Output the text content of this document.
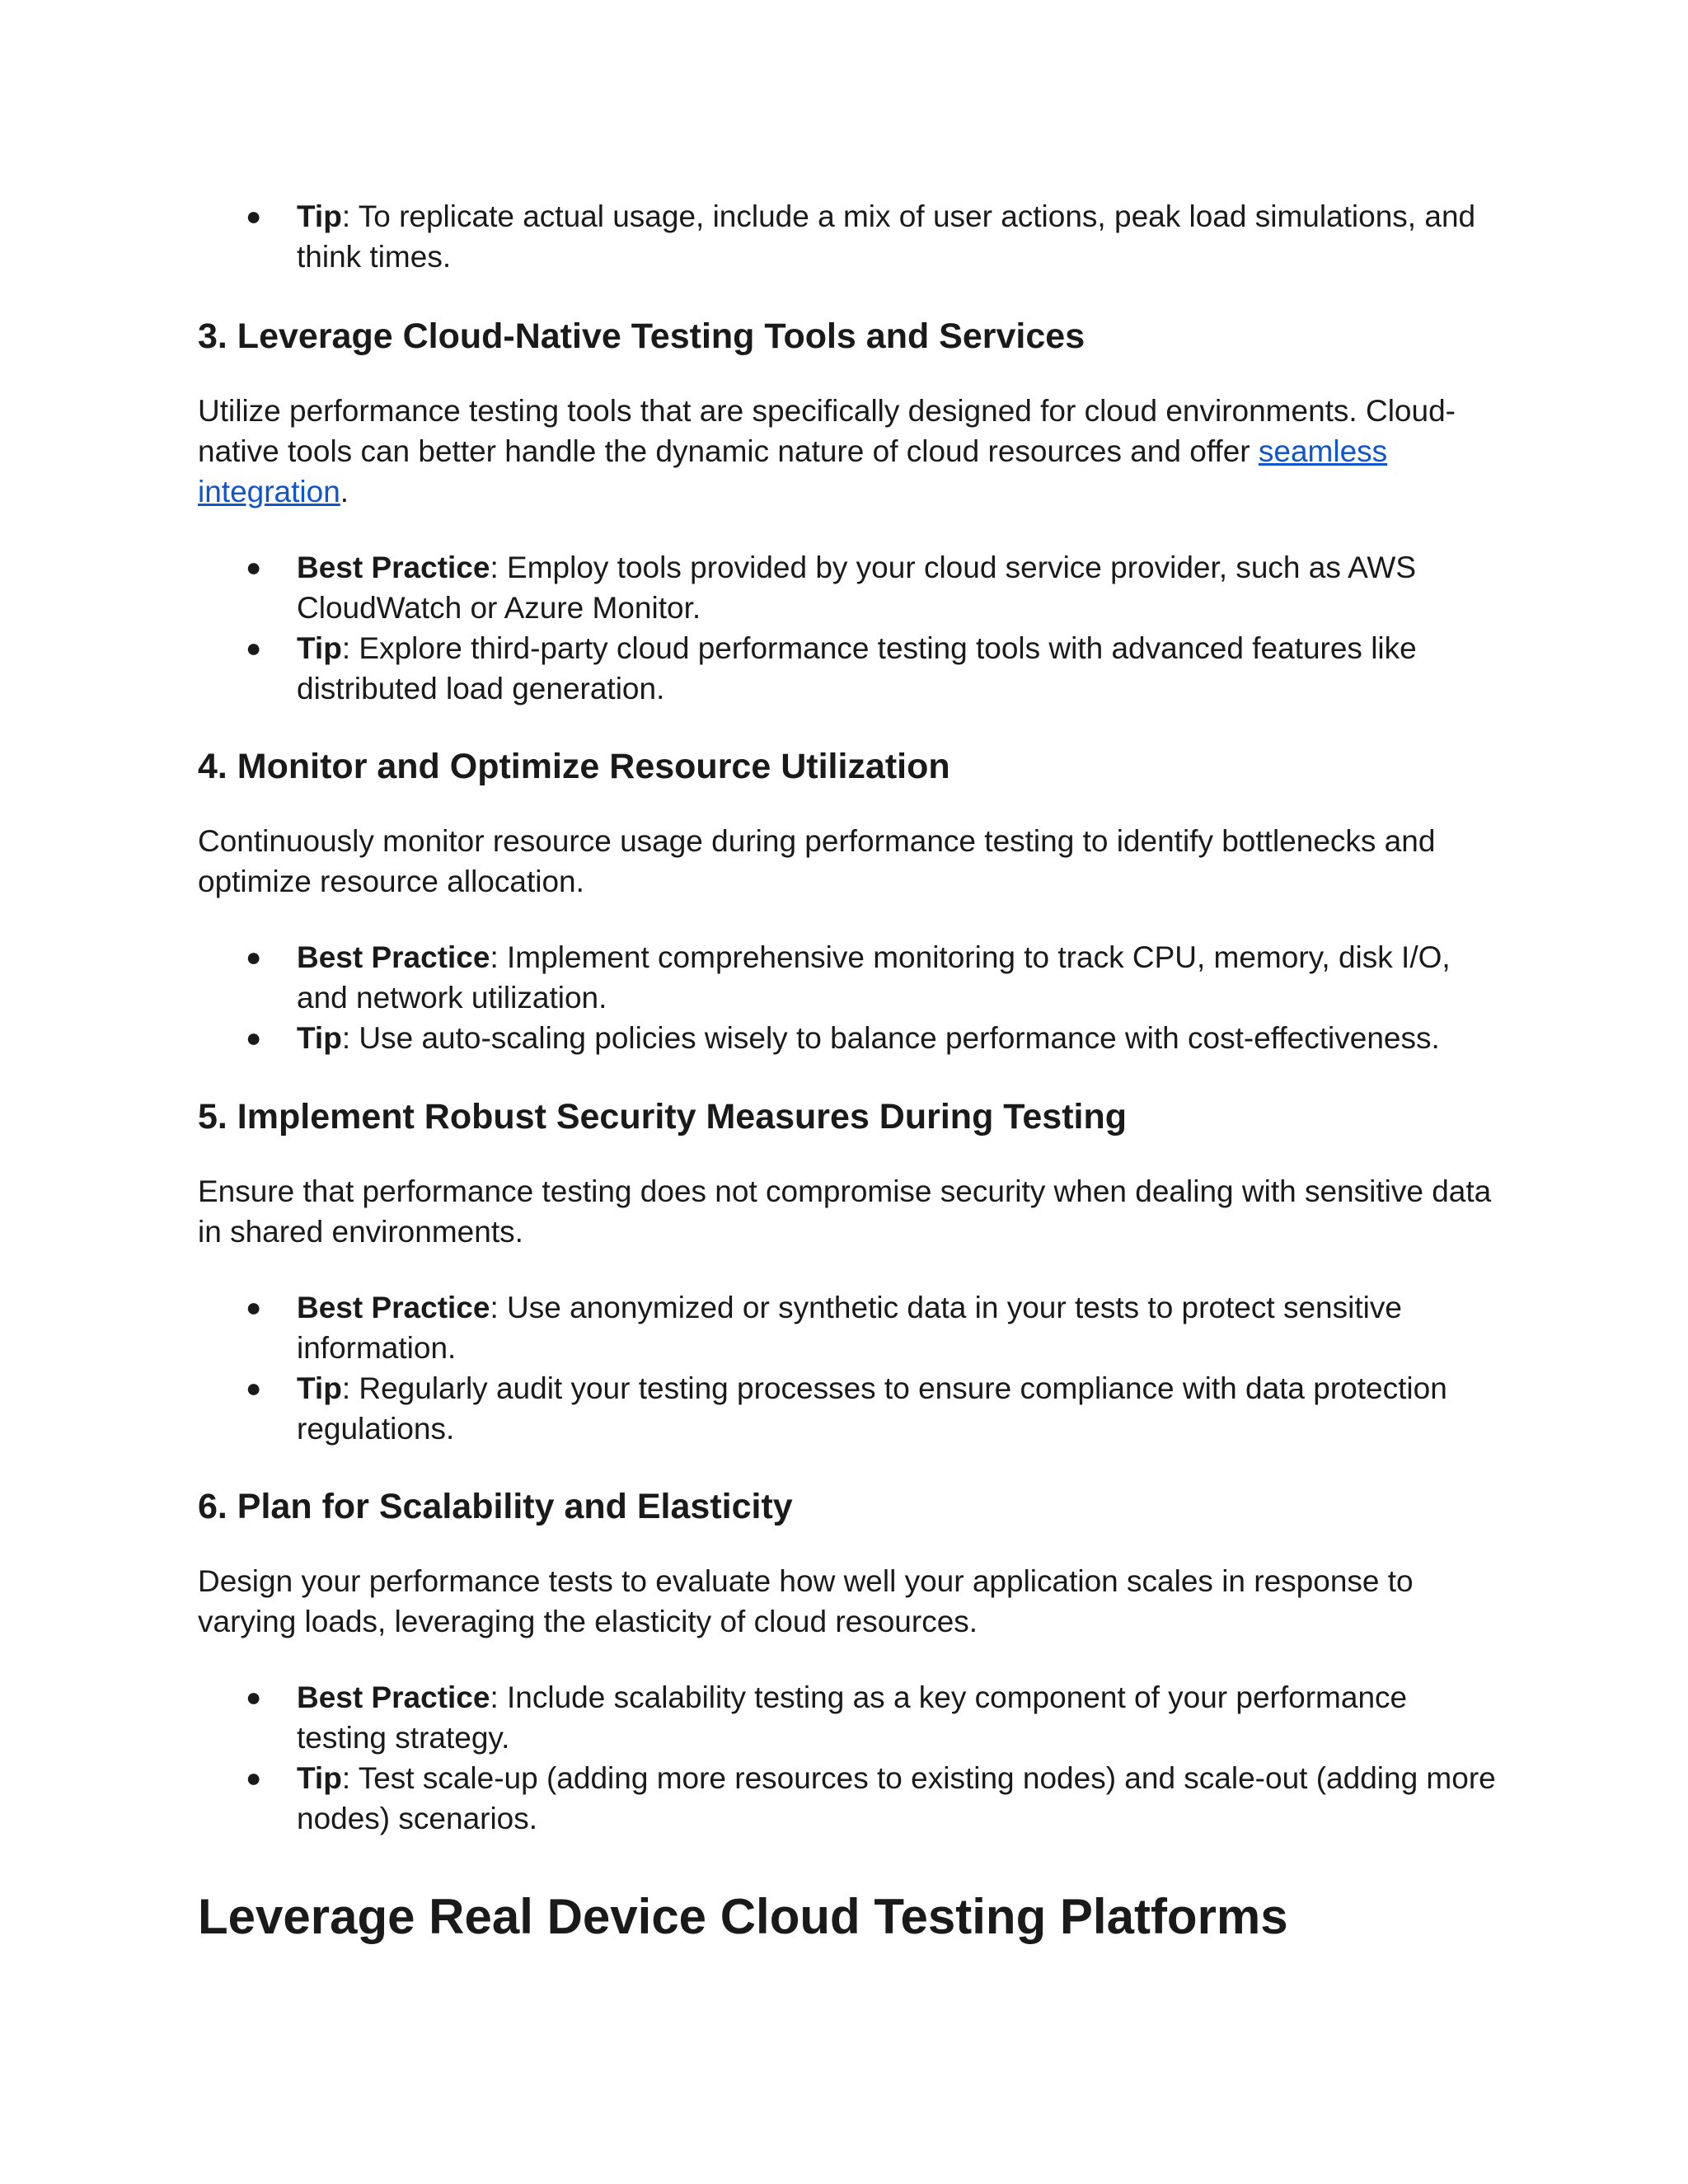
● Tip: To replicate actual usage, include a mix of user actions, peak load simulations, and think times.
3. Leverage Cloud-Native Testing Tools and Services

Utilize performance testing tools that are specifically designed for cloud environments. Cloud-native tools can better handle the dynamic nature of cloud resources and offer seamless integration.

● Best Practice: Employ tools provided by your cloud service provider, such as AWS CloudWatch or Azure Monitor.
● Tip: Explore third-party cloud performance testing tools with advanced features like distributed load generation.
4. Monitor and Optimize Resource Utilization

Continuously monitor resource usage during performance testing to identify bottlenecks and optimize resource allocation.

● Best Practice: Implement comprehensive monitoring to track CPU, memory, disk I/O, and network utilization.
● Tip: Use auto-scaling policies wisely to balance performance with cost-effectiveness.
5. Implement Robust Security Measures During Testing

Ensure that performance testing does not compromise security when dealing with sensitive data in shared environments.

● Best Practice: Use anonymized or synthetic data in your tests to protect sensitive information.
● Tip: Regularly audit your testing processes to ensure compliance with data protection regulations.
6. Plan for Scalability and Elasticity

Design your performance tests to evaluate how well your application scales in response to varying loads, leveraging the elasticity of cloud resources.

● Best Practice: Include scalability testing as a key component of your performance testing strategy.
● Tip: Test scale-up (adding more resources to existing nodes) and scale-out (adding more nodes) scenarios.
Leverage Real Device Cloud Testing Platforms
